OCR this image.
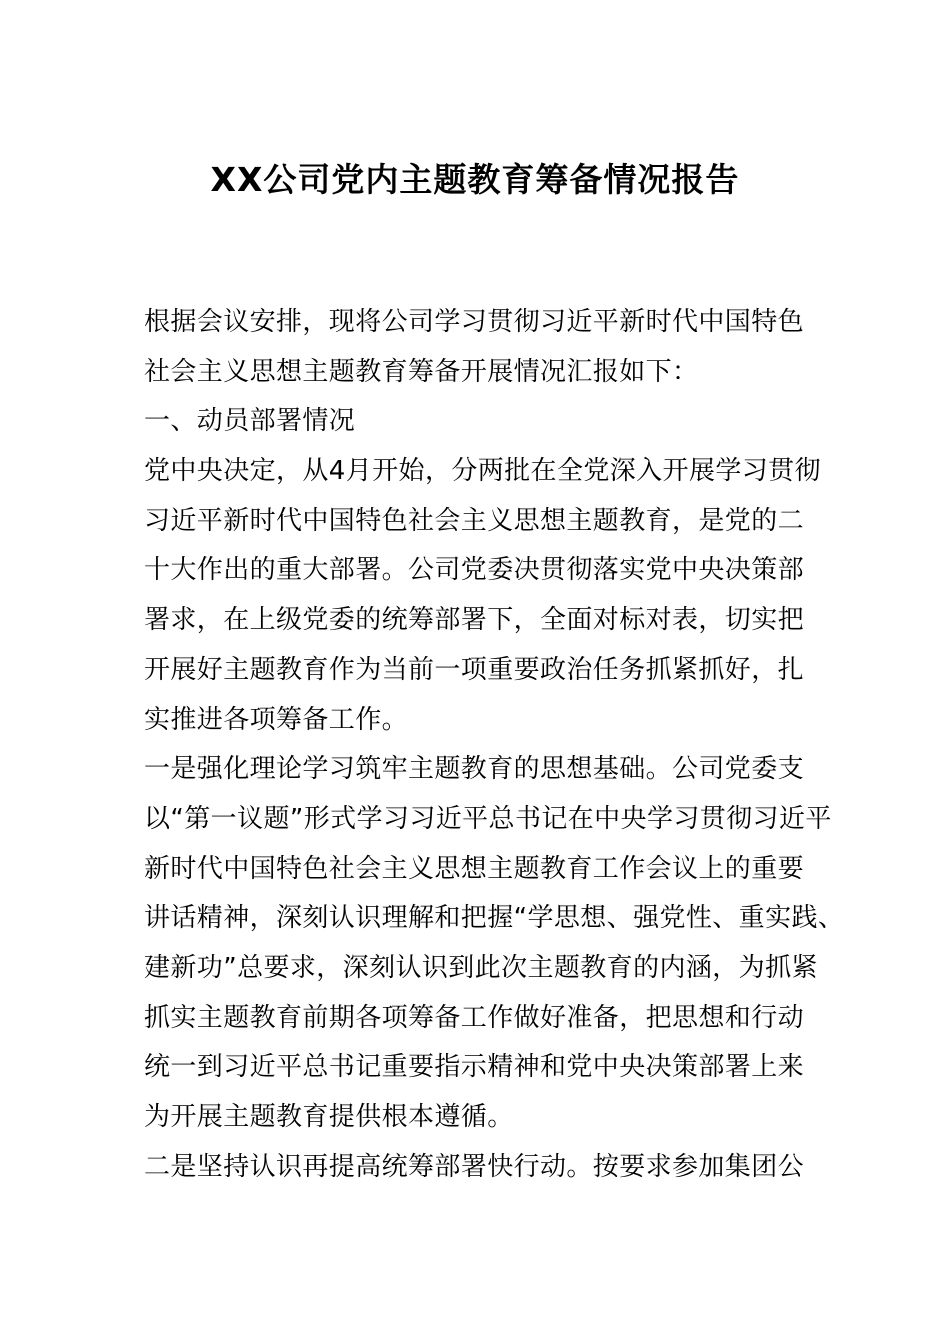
XX公司党内主题教育筹备情况报告
根据会议安排，现将公司学习贯彻习近平新时代中国特色
社会主义思想主题教育筹备开展情况汇报如下：
一、动员部署情况
党中央决定，从4月开始，分两批在全党深入开展学习贯彻
习近平新时代中国特色社会主义思想主题教育，是党的二
十大作出的重大部署。公司党委决贯彻落实党中央决策部
署求，在上级党委的统筹部署下，全面对标对表，切实把
开展好主题教育作为当前一项重要政治任务抓紧抓好，扎
实推进各项筹备工作。
一是强化理论学习筑牢主题教育的思想基础。公司党委支
以“第一议题”形式学习习近平总书记在中央学习贯彻习近平
新时代中国特色社会主义思想主题教育工作会议上的重要
讲话精神，深刻认识理解和把握“学思想、强党性、重实践、
建新功”总要求，深刻认识到此次主题教育的内涵，为抓紧
抓实主题教育前期各项筹备工作做好准备，把思想和行动
统一到习近平总书记重要指示精神和党中央决策部署上来
为开展主题教育提供根本遵循。
二是坚持认识再提高统筹部署快行动。按要求参加集团公
